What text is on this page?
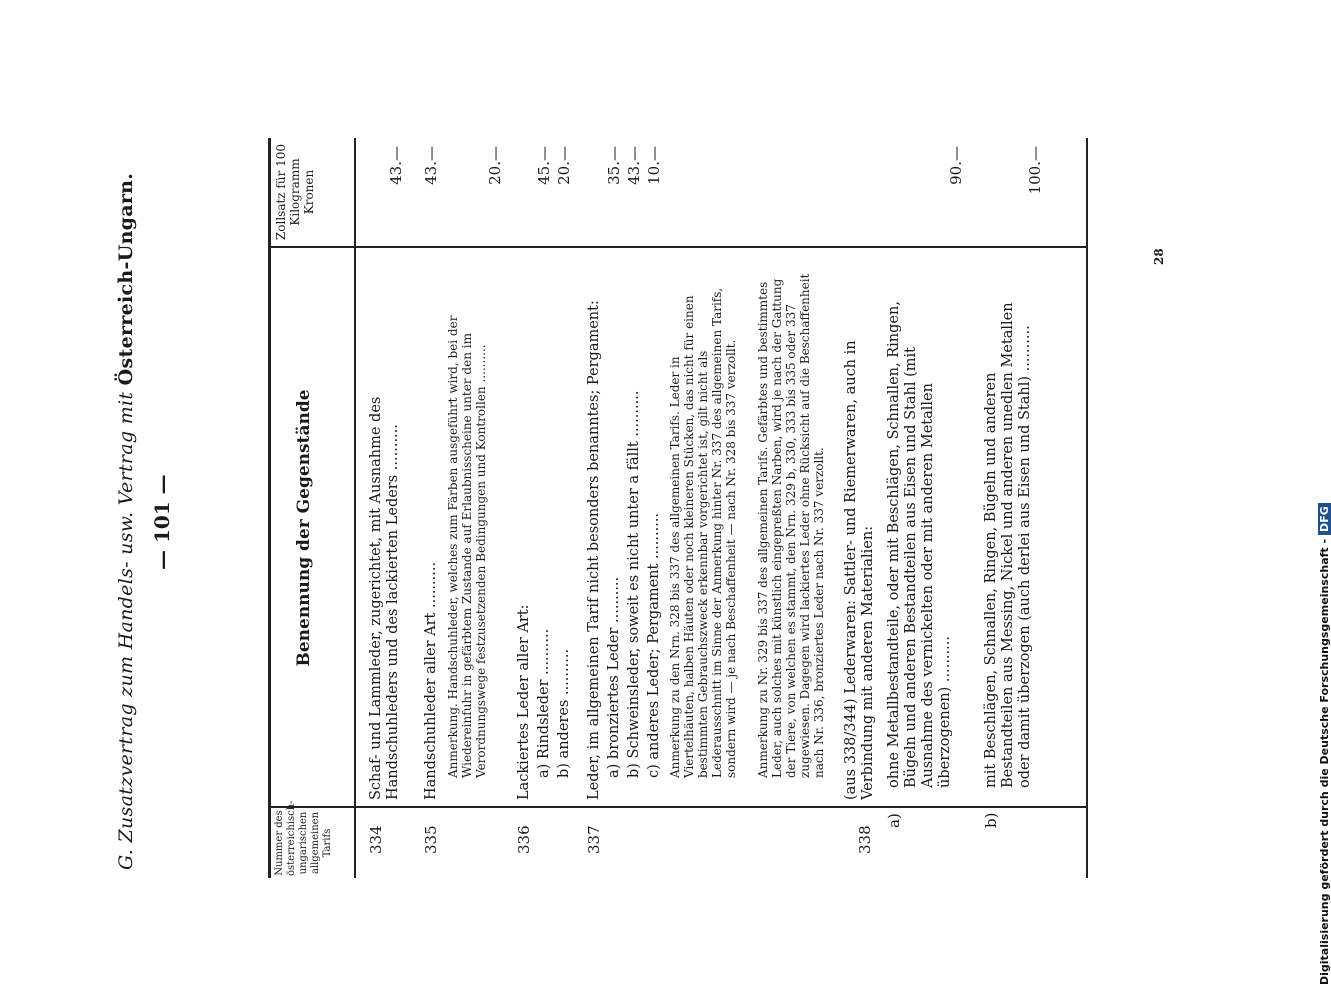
G. Zusatzvertrag zum Handels- usw. Vertrag mit Österreich-Ungarn.
— 101 —
Nummer des österreichisch-ungarischen allgemeinen Tarifs
Benennung der Gegenstände
Zollsatz für 100 Kilogramm Kronen
334
Schaf- und Lammleder, zugerichtet, mit Ausnahme des Handschuhleders und des lackierten Leders ..........
43.—
335
Handschuhleder aller Art ..........
43.—
Anmerkung. Handschuhleder, welches zum Färben ausgeführt wird, bei der Wiedereinfuhr in gefärbtem Zustande auf Erlaubnisscheine unter den im Verordnungswege festzusetzenden Bedingungen und Kontrollen ..........
20.—
336
Lackiertes Leder aller Art: a) Rindsleder ..........
45.—
b) anderes ..........
20.—
337
Leder, im allgemeinen Tarif nicht besonders benanntes; Pergament: a) bronziertes Leder ..........
35.—
b) Schweinsleder, soweit es nicht unter a fällt ..........
43.—
c) anderes Leder; Pergament ..........
10.—
Anmerkung zu den Nrn. 328 bis 337 des allgemeinen Tarifs. Leder in Viertelhäuten, halben Häuten oder noch kleineren Stücken, das nicht für einen bestimmten Gebrauchszweck erkennbar vorgerichtet ist, gilt nicht als Lederausschnitt im Sinne der Anmerkung hinter Nr. 337 des allgemeinen Tarifs, sondern wird — je nach Beschaffenheit — nach Nr. 328 bis 337 verzollt. Anmerkung zu Nr. 329 bis 337 des allgemeinen Tarifs. Gefärbtes und bestimmtes Leder, auch solches mit künstlich eingepreßten Narben, wird je nach der Gattung der Tiere, von welchen es stammt, den Nrn. 329 b, 330, 333 bis 335 oder 337 zugewiesen. Dagegen wird lackiertes Leder ohne Rücksicht auf die Beschaffenheit nach Nr. 336, bronziertes Leder nach Nr. 337 verzollt.
338
(aus 338/344) Lederwaren: Sattler- und Riemerwaren, auch in Verbindung mit anderen Materialien:
a)
ohne Metallbestandteile, oder mit Beschlägen, Schnallen, Ringen, Bügeln und anderen Bestandteilen aus Eisen und Stahl (mit Ausnahme des vernickelten oder mit anderen Metallen überzogenen) ..........
90.—
b)
mit Beschlägen, Schnallen, Ringen, Bügeln und anderen Bestandteilen aus Messing, Nickel und anderen unedlen Metallen oder damit überzogen (auch derlei aus Eisen und Stahl) ..........
100.—
28
Digitalisierung gefördert durch die Deutsche Forschungsgemeinschaft -DFG
